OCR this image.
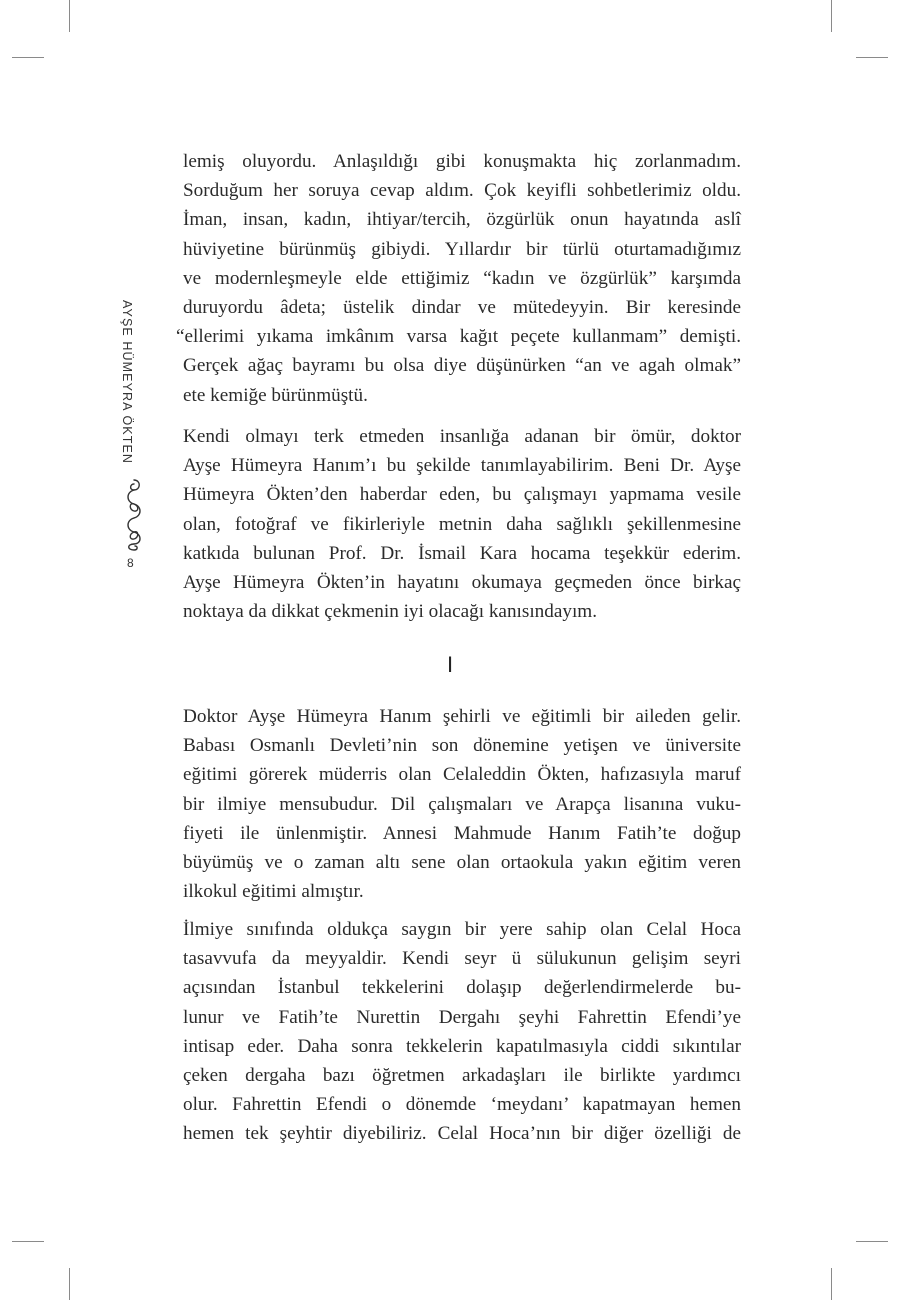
AYŞE HÜMEYRA ÖKTEN
8

lemiş oluyordu. Anlaşıldığı gibi konuşmakta hiç zorlanmadım.

Sorduğum her soruya cevap aldım. Çok keyifli sohbetlerimiz oldu.

İman, insan, kadın, ihtiyar/tercih, özgürlük onun hayatında aslî

hüviyetine bürünmüş gibiydi. Yıllardır bir türlü oturtamadığımız

ve modernleşmeyle elde ettiğimiz “kadın ve özgürlük” karşımda

duruyordu âdeta; üstelik dindar ve mütedeyyin. Bir keresinde

“ellerimi yıkama imkânım varsa kağıt peçete kullanmam” demişti.

Gerçek ağaç bayramı bu olsa diye düşünürken “an ve agah olmak”

ete kemiğe bürünmüştü.

Kendi olmayı terk etmeden insanlığa adanan bir ömür, doktor

Ayşe Hümeyra Hanım’ı bu şekilde tanımlayabilirim. Beni Dr. Ayşe

Hümeyra Ökten’den haberdar eden, bu çalışmayı yapmama vesile

olan, fotoğraf ve fikirleriyle metnin daha sağlıklı şekillenmesine

katkıda bulunan Prof. Dr. İsmail Kara hocama teşekkür ederim.

Ayşe Hümeyra Ökten’in hayatını okumaya geçmeden önce birkaç

noktaya da dikkat çekmenin iyi olacağı kanısındayım.

I

Doktor Ayşe Hümeyra Hanım şehirli ve eğitimli bir aileden gelir.

Babası Osmanlı Devleti’nin son dönemine yetişen ve üniversite

eğitimi görerek müderris olan Celaleddin Ökten, hafızasıyla maruf

bir ilmiye mensubudur. Dil çalışmaları ve Arapça lisanına vuku-

fiyeti ile ünlenmiştir. Annesi Mahmude Hanım Fatih’te doğup

büyümüş ve o zaman altı sene olan ortaokula yakın eğitim veren

ilkokul eğitimi almıştır.

İlmiye sınıfında oldukça saygın bir yere sahip olan Celal Hoca

tasavvufa da meyyaldir. Kendi seyr ü sülukunun gelişim seyri

açısından İstanbul tekkelerini dolaşıp değerlendirmelerde bu-

lunur ve Fatih’te Nurettin Dergahı şeyhi Fahrettin Efendi’ye

intisap eder. Daha sonra tekkelerin kapatılmasıyla ciddi sıkıntılar

çeken dergaha bazı öğretmen arkadaşları ile birlikte yardımcı

olur. Fahrettin Efendi o dönemde ‘meydanı’ kapatmayan hemen

hemen tek şeyhtir diyebiliriz. Celal Hoca’nın bir diğer özelliği de
